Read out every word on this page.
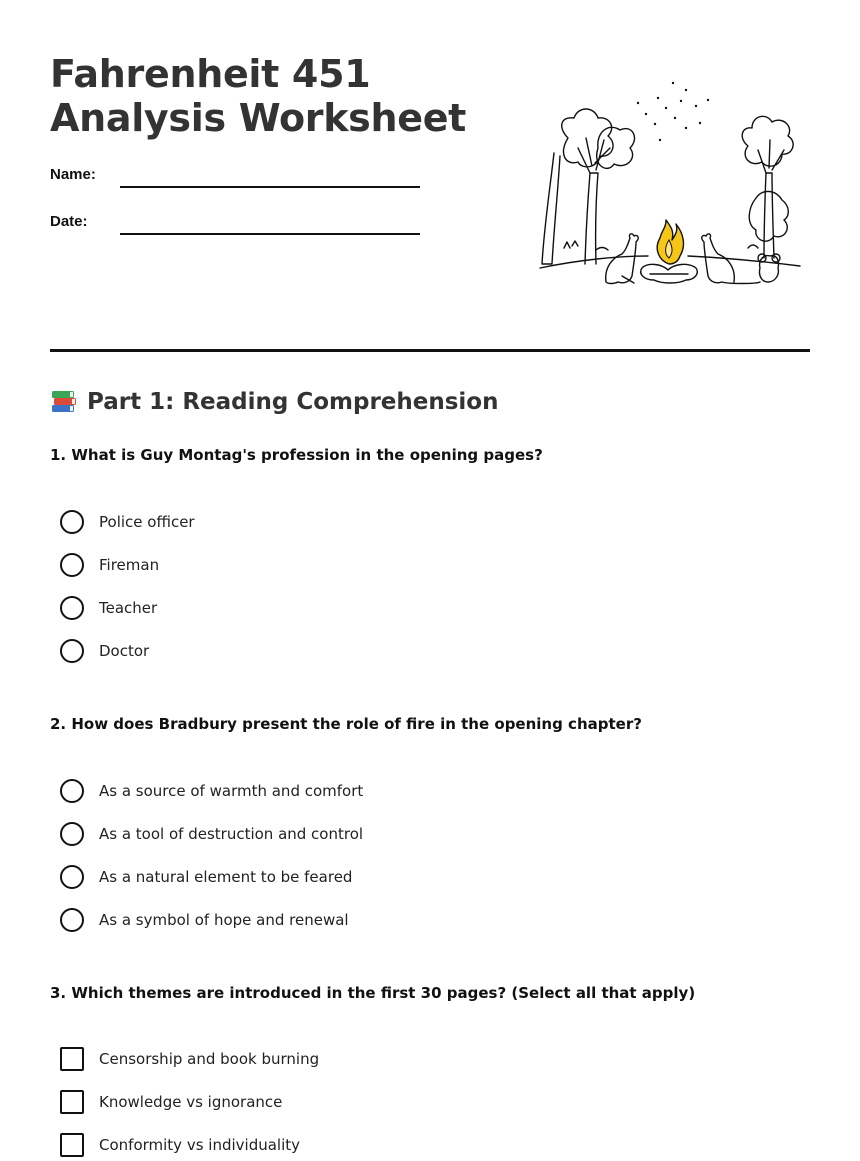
Fahrenheit 451 Analysis Worksheet
Name:
Date:
Part 1: Reading Comprehension
1. What is Guy Montag's profession in the opening pages?
Police officer
Fireman
Teacher
Doctor
2. How does Bradbury present the role of fire in the opening chapter?
As a source of warmth and comfort
As a tool of destruction and control
As a natural element to be feared
As a symbol of hope and renewal
3. Which themes are introduced in the first 30 pages? (Select all that apply)
Censorship and book burning
Knowledge vs ignorance
Conformity vs individuality
